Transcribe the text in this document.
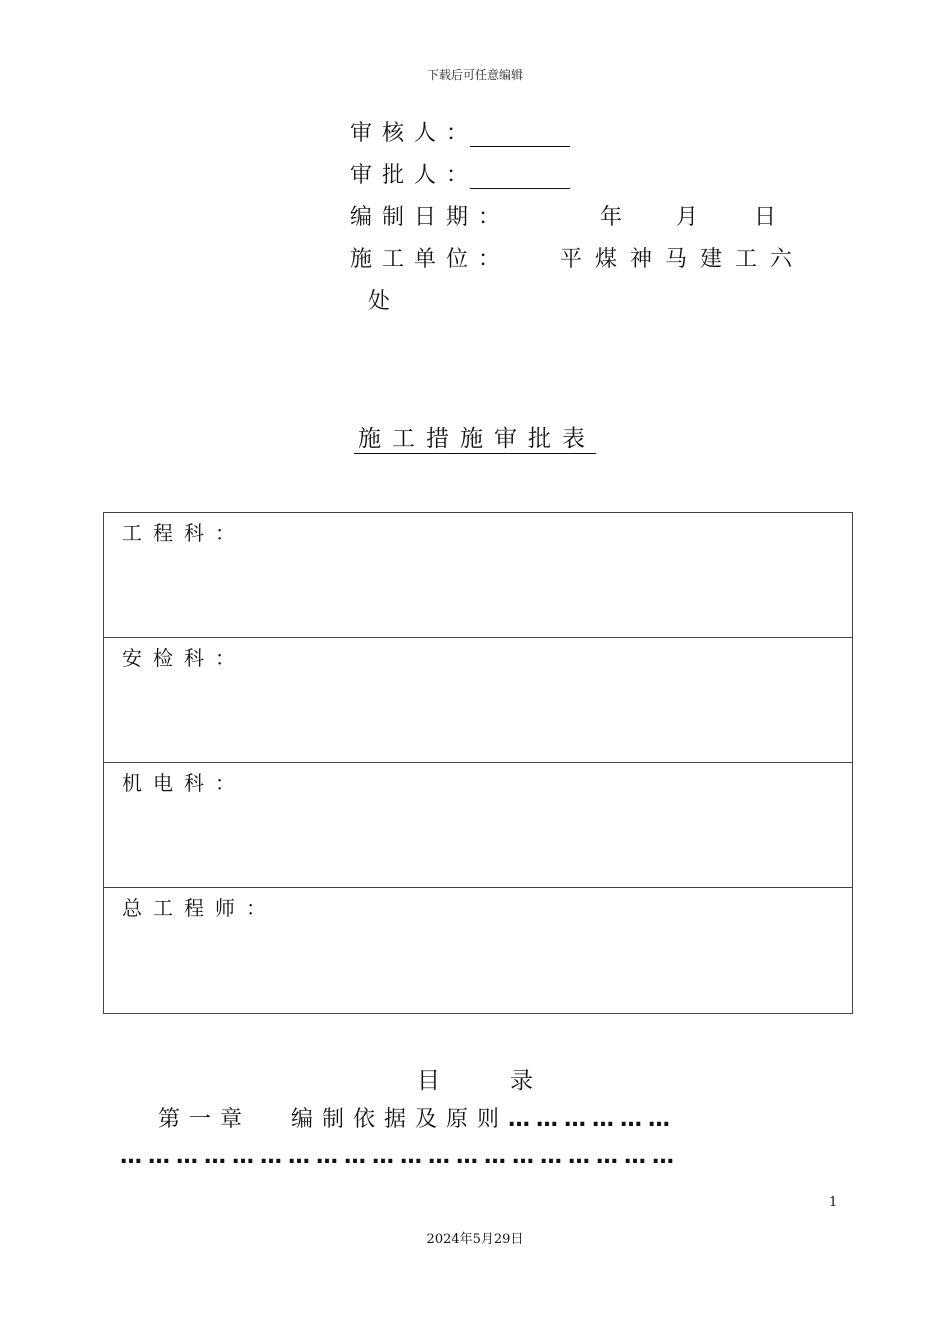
下载后可任意编辑
审核人：
审批人：
编制日期：	年 月	日
施工单位：	平煤神马建工六
处
施工措施审批表
工程科：
安检科：
机电科：
总工程师：
目	录
第一章 编制依据及原则………………
……………………………………………………
1
2024年5月29日
